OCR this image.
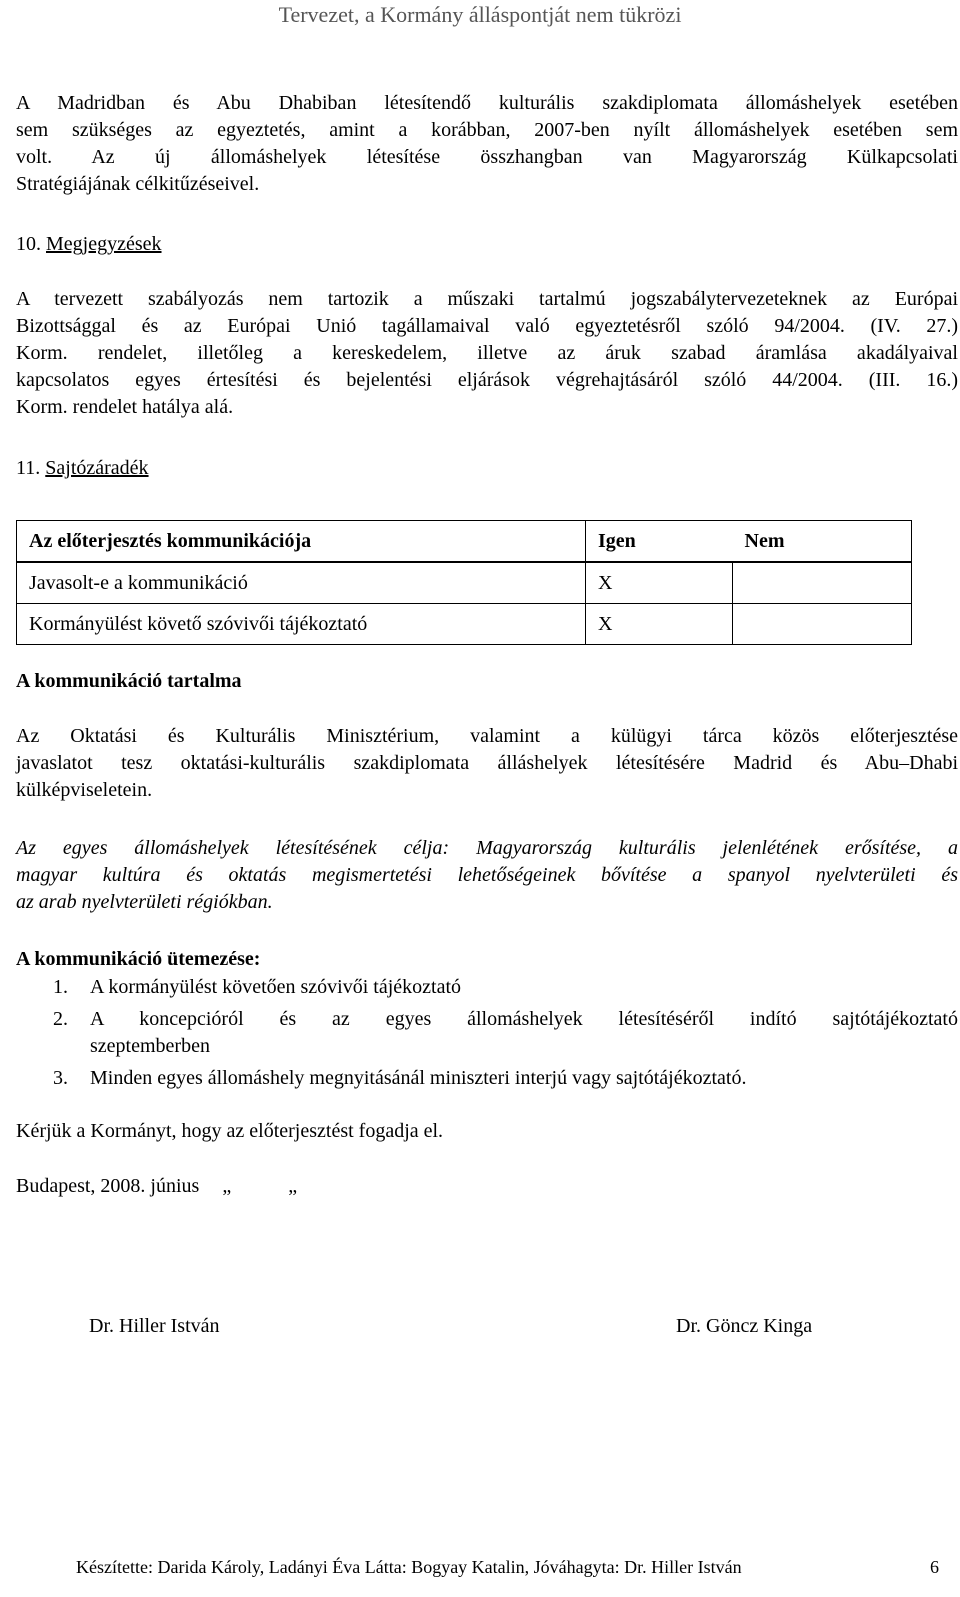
Tervezet, a Kormány álláspontját nem tükrözi
A Madridban és Abu Dhabiban létesítendő kulturális szakdiplomata állomáshelyek esetében
sem szükséges az egyeztetés, amint a korábban, 2007-ben nyílt állomáshelyek esetében sem
volt. Az új állomáshelyek létesítése összhangban van Magyarország Külkapcsolati
Stratégiájának célkitűzéseivel.
10. Megjegyzések
A tervezett szabályozás nem tartozik a műszaki tartalmú jogszabálytervezeteknek az Európai
Bizottsággal és az Európai Unió tagállamaival való egyeztetésről szóló 94/2004. (IV. 27.)
Korm. rendelet, illetőleg a kereskedelem, illetve az áruk szabad áramlása akadályaival
kapcsolatos egyes értesítési és bejelentési eljárások végrehajtásáról szóló 44/2004. (III. 16.)
Korm. rendelet hatálya alá.
11. Sajtózáradék
Az előterjesztés kommunikációja	Igen	Nem
Javasolt-e a kommunikáció	X	
Kormányülést követő szóvivői tájékoztató	X	
A kommunikáció tartalma
Az Oktatási és Kulturális Minisztérium, valamint a külügyi tárca közös előterjesztése
javaslatot tesz oktatási-kulturális szakdiplomata álláshelyek létesítésére Madrid és Abu–Dhabi
külképviseletein.
Az egyes állomáshelyek létesítésének célja: Magyarország kulturális jelenlétének erősítése, a
magyar kultúra és oktatás megismertetési lehetőségeinek bővítése a spanyol nyelvterületi és
az arab nyelvterületi régiókban.
A kommunikáció ütemezése:
1. A kormányülést követően szóvivői tájékoztató
2. A koncepcióról és az egyes állomáshelyek létesítéséről indító sajtótájékoztató
szeptemberben
3. Minden egyes állomáshely megnyitásánál miniszteri interjú vagy sajtótájékoztató.
Kérjük a Kormányt, hogy az előterjesztést fogadja el.
Budapest, 2008. június „ „
Dr. Hiller István	Dr. Göncz Kinga
Készítette: Darida Károly, Ladányi Éva Látta: Bogyay Katalin, Jóváhagyta: Dr. Hiller István	6
